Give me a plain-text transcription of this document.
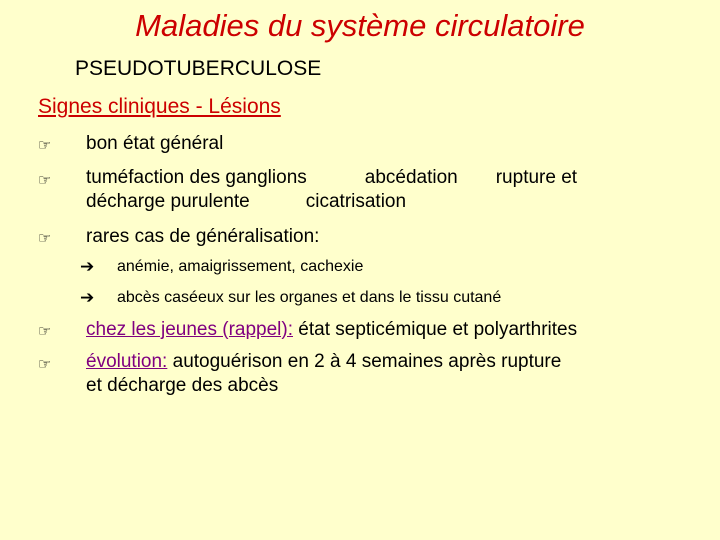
Maladies du système circulatoire
PSEUDOTUBERCULOSE
Signes cliniques - Lésions
☞	bon état général
☞	tuméfaction des ganglions	abcédation rupture et
décharge purulente	cicatrisation
☞	rares cas de généralisation:
➔	anémie, amaigrissement, cachexie
➔	abcès caséeux sur les organes et dans le tissu cutané
☞	chez les jeunes (rappel): état septicémique et polyarthrites
☞	évolution: autoguérison en 2 à 4 semaines après rupture
et décharge des abcès
